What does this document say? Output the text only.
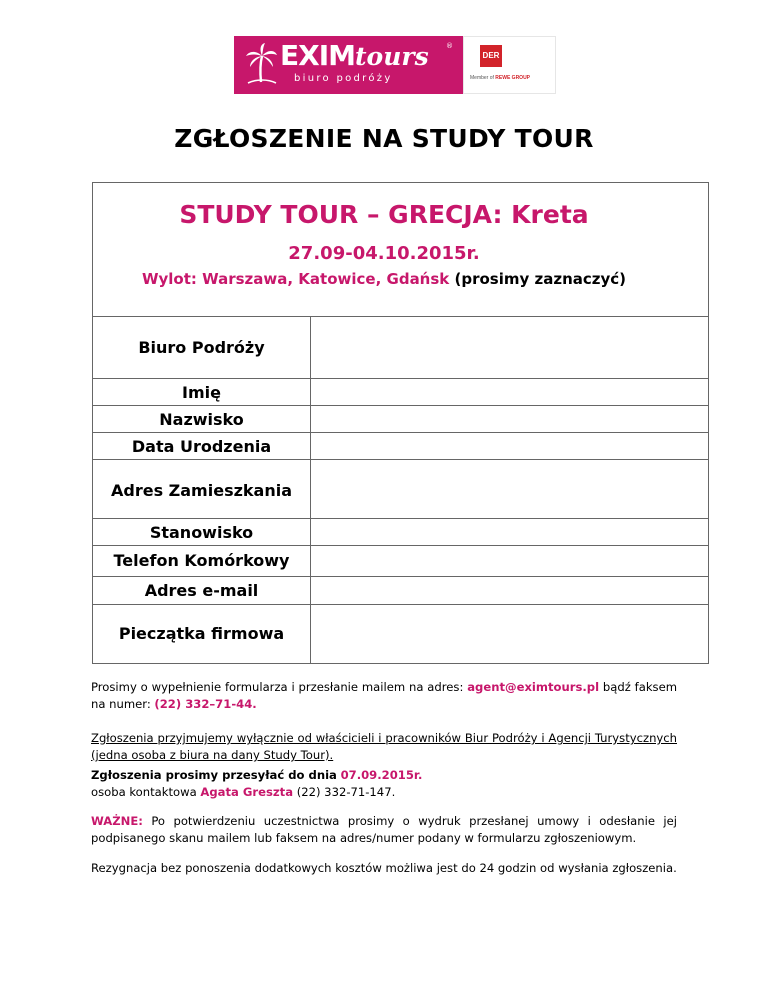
EXIMtours ®
biuro podróży
DER
Member of REWE GROUP
ZGŁOSZENIE NA STUDY TOUR
STUDY TOUR – GRECJA: Kreta
27.09-04.10.2015r.
Wylot: Warszawa, Katowice, Gdańsk (prosimy zaznaczyć)
Biuro Podróży
Imię
Nazwisko
Data Urodzenia
Adres Zamieszkania
Stanowisko
Telefon Komórkowy
Adres e-mail
Pieczątka firmowa
Prosimy o wypełnienie formularza i przesłanie mailem na adres: agent@eximtours.pl bądź faksem na numer: (22) 332–71-44.
Zgłoszenia przyjmujemy wyłącznie od właścicieli i pracowników Biur Podróży i Agencji Turystycznych (jedna osoba z biura na dany Study Tour).
Zgłoszenia prosimy przesyłać do dnia 07.09.2015r.
osoba kontaktowa Agata Greszta (22) 332-71-147.
WAŻNE: Po potwierdzeniu uczestnictwa prosimy o wydruk przesłanej umowy i odesłanie jej podpisanego skanu mailem lub faksem na adres/numer podany w formularzu zgłoszeniowym.
Rezygnacja bez ponoszenia dodatkowych kosztów możliwa jest do 24 godzin od wysłania zgłoszenia.
